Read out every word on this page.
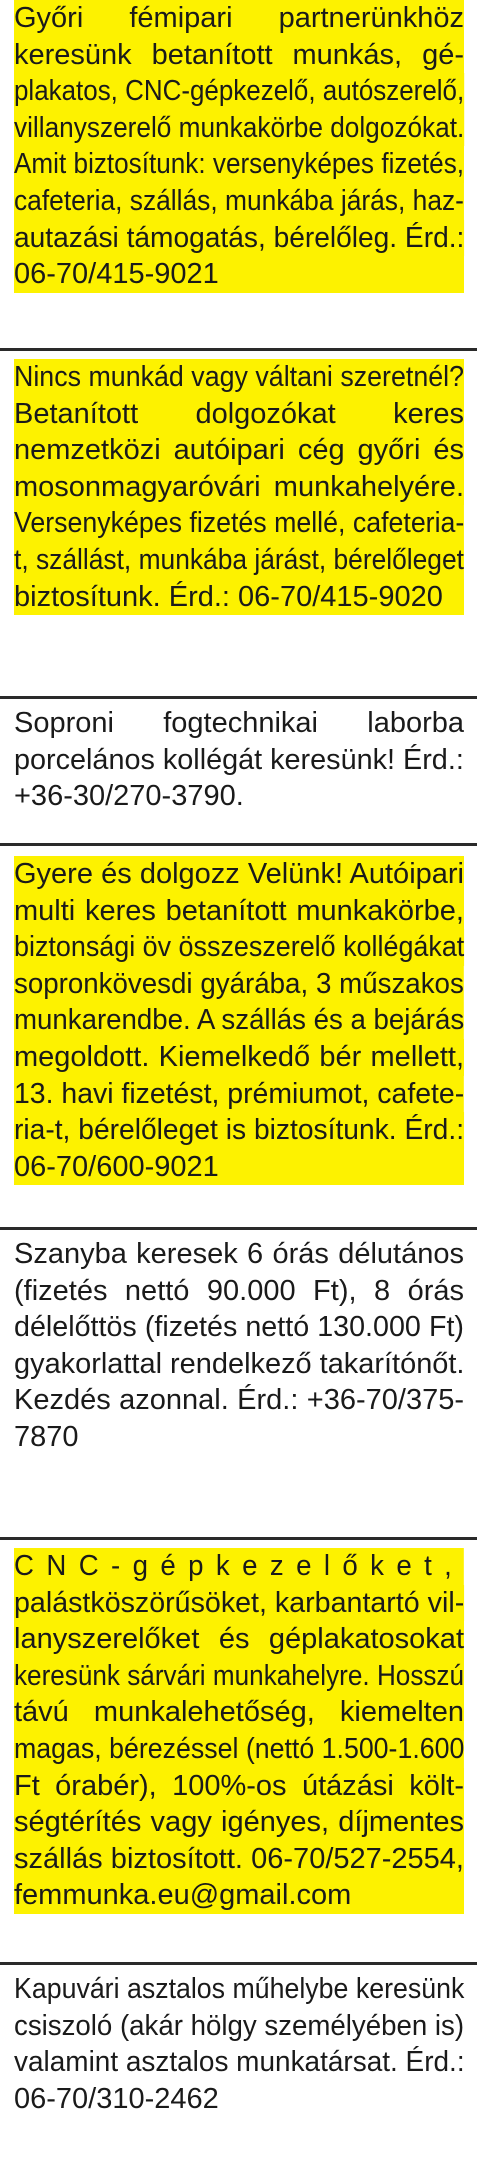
Győri fémipari partnerünkhöz
keresünk betanított munkás, gé-
plakatos, CNC-gépkezelő, autószerelő,
villanyszerelő munkakörbe dolgozókat.
Amit biztosítunk: versenyképes fizetés,
cafeteria, szállás, munkába járás, haz-
autazási támogatás, bérelőleg. Érd.:
06-70/415-9021
Nincs munkád vagy váltani szeretnél?
Betanított dolgozókat keres
nemzetközi autóipari cég győri és
mosonmagyaróvári munkahelyére.
Versenyképes fizetés mellé, cafeteria-
t, szállást, munkába járást, bérelőleget
biztosítunk. Érd.: 06-70/415-9020
Soproni fogtechnikai laborba
porcelános kollégát keresünk! Érd.:
+36-30/270-3790.
Gyere és dolgozz Velünk! Autóipari
multi keres betanított munkakörbe,
biztonsági öv összeszerelő kollégákat
sopronkövesdi gyárába, 3 műszakos
munkarendbe. A szállás és a bejárás
megoldott. Kiemelkedő bér mellett,
13. havi fizetést, prémiumot, cafete-
ria-t, bérelőleget is biztosítunk. Érd.:
06-70/600-9021
Szanyba keresek 6 órás délutános
(fizetés nettó 90.000 Ft), 8 órás
délelőttös (fizetés nettó 130.000 Ft)
gyakorlattal rendelkező takarítónőt.
Kezdés azonnal. Érd.: +36-70/375-
7870
CNC-gépkezelőket,
palástköszörűsöket, karbantartó vil-
lanyszerelőket és géplakatosokat
keresünk sárvári munkahelyre. Hosszú
távú munkalehetőség, kiemelten
magas, bérezéssel (nettó 1.500-1.600
Ft órabér), 100%-os útázási költ-
ségtérítés vagy igényes, díjmentes
szállás biztosított. 06-70/527-2554,
femmunka.eu@gmail.com
Kapuvári asztalos műhelybe keresünk
csiszoló (akár hölgy személyében is)
valamint asztalos munkatársat. Érd.:
06-70/310-2462
